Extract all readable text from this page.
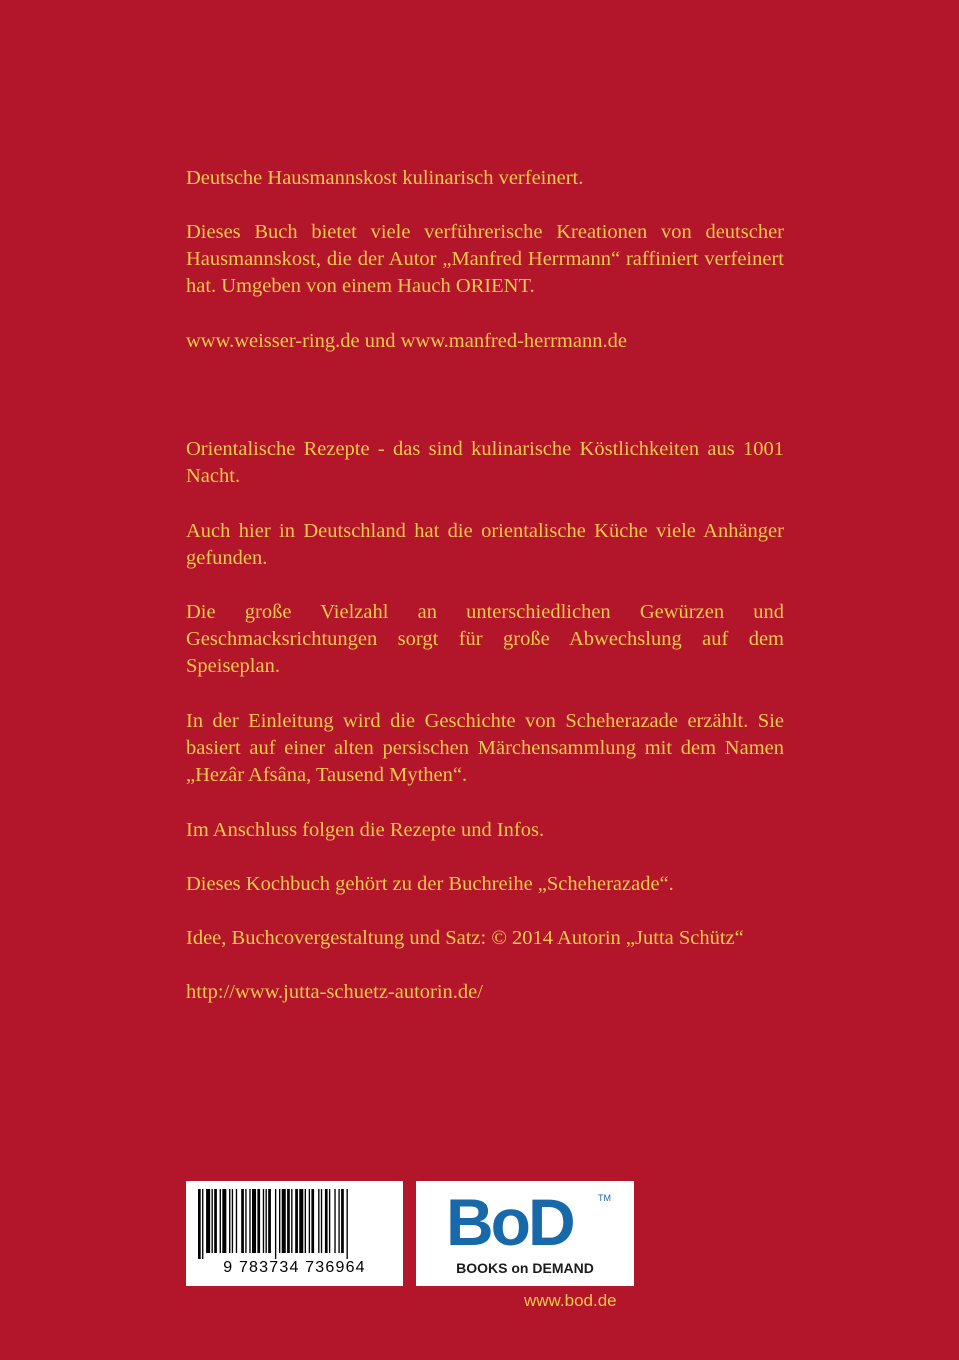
Deutsche Hausmannskost kulinarisch verfeinert.

Dieses Buch bietet viele verführerische Kreationen von deutscher Hausmannskost, die der Autor „Manfred Herrmann“ raffiniert verfeinert hat. Umgeben von einem Hauch ORIENT.

www.weisser-ring.de und www.manfred-herrmann.de

Orientalische Rezepte - das sind kulinarische Köstlichkeiten aus 1001 Nacht.

Auch hier in Deutschland hat die orientalische Küche viele Anhänger gefunden.

Die große Vielzahl an unterschiedlichen Gewürzen und Geschmacksrichtungen sorgt für große Abwechslung auf dem Speiseplan.

In der Einleitung wird die Geschichte von Scheherazade erzählt. Sie basiert auf einer alten persischen Märchensammlung mit dem Namen „Hezâr Afsâna, Tausend Mythen“.

Im Anschluss folgen die Rezepte und Infos.

Dieses Kochbuch gehört zu der Buchreihe „Scheherazade“.

Idee, Buchcovergestaltung und Satz: © 2014 Autorin „Jutta Schütz“

http://www.jutta-schuetz-autorin.de/

9 783734 736964
BoD	TM
BOOKS on DEMAND
www.bod.de
